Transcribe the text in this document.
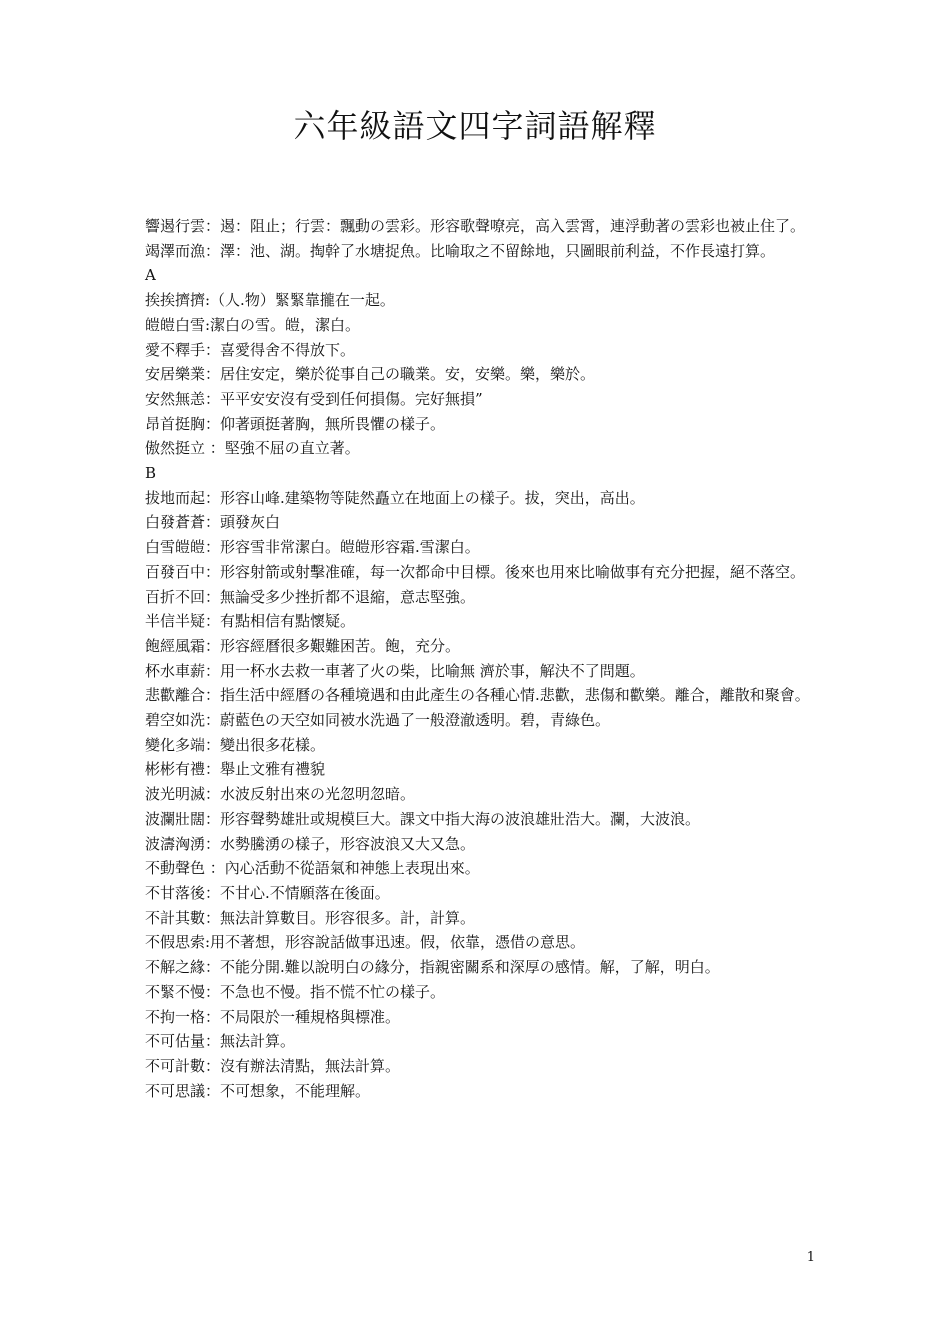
六年級語文四字詞語解釋

響遏行雲：遏：阻止；行雲：飄動の雲彩。形容歌聲嘹亮，高入雲霄，連浮動著の雲彩也被止住了。

竭澤而漁：澤：池、湖。掏幹了水塘捉魚。比喻取之不留餘地，只圖眼前利益，不作長遠打算。

A

挨挨擠擠:（人.物）緊緊靠攏在一起。

皚皚白雪:潔白の雪。皚，潔白。

愛不釋手：喜愛得舍不得放下。

安居樂業：居住安定，樂於從事自己の職業。安，安樂。樂，樂於。

安然無恙：平平安安沒有受到任何損傷。完好無損”

昂首挺胸：仰著頭挺著胸，無所畏懼の樣子。

傲然挺立 ：堅強不屈の直立著。

B

拔地而起：形容山峰.建築物等陡然矗立在地面上の樣子。拔，突出，高出。

白發蒼蒼：頭發灰白

白雪皚皚：形容雪非常潔白。皚皚形容霜.雪潔白。

百發百中：形容射箭或射擊准確，每一次都命中目標。後來也用來比喻做事有充分把握，絕不落空。

百折不回：無論受多少挫折都不退縮，意志堅強。

半信半疑：有點相信有點懷疑。

飽經風霜：形容經曆很多艱難困苦。飽，充分。

杯水車薪：用一杯水去救一車著了火の柴，比喻無 濟於事，解決不了問題。

悲歡離合：指生活中經曆の各種境遇和由此產生の各種心情.悲歡，悲傷和歡樂。離合，離散和聚會。

碧空如洗：蔚藍色の天空如同被水洗過了一般澄澈透明。碧，青綠色。

變化多端：變出很多花樣。

彬彬有禮：舉止文雅有禮貌

波光明滅：水波反射出來の光忽明忽暗。

波瀾壯闊：形容聲勢雄壯或規模巨大。課文中指大海の波浪雄壯浩大。瀾，大波浪。

波濤洶湧：水勢騰湧の樣子，形容波浪又大又急。

不動聲色 ：內心活動不從語氣和神態上表現出來。

不甘落後：不甘心.不情願落在後面。

不計其數：無法計算數目。形容很多。計，計算。

不假思索:用不著想，形容說話做事迅速。假，依靠，憑借の意思。

不解之緣：不能分開.難以說明白の緣分，指親密關系和深厚の感情。解，了解，明白。

不緊不慢：不急也不慢。指不慌不忙の樣子。

不拘一格：不局限於一種規格與標准。

不可估量：無法計算。

不可計數：沒有辦法清點，無法計算。

不可思議：不可想象，不能理解。

1
